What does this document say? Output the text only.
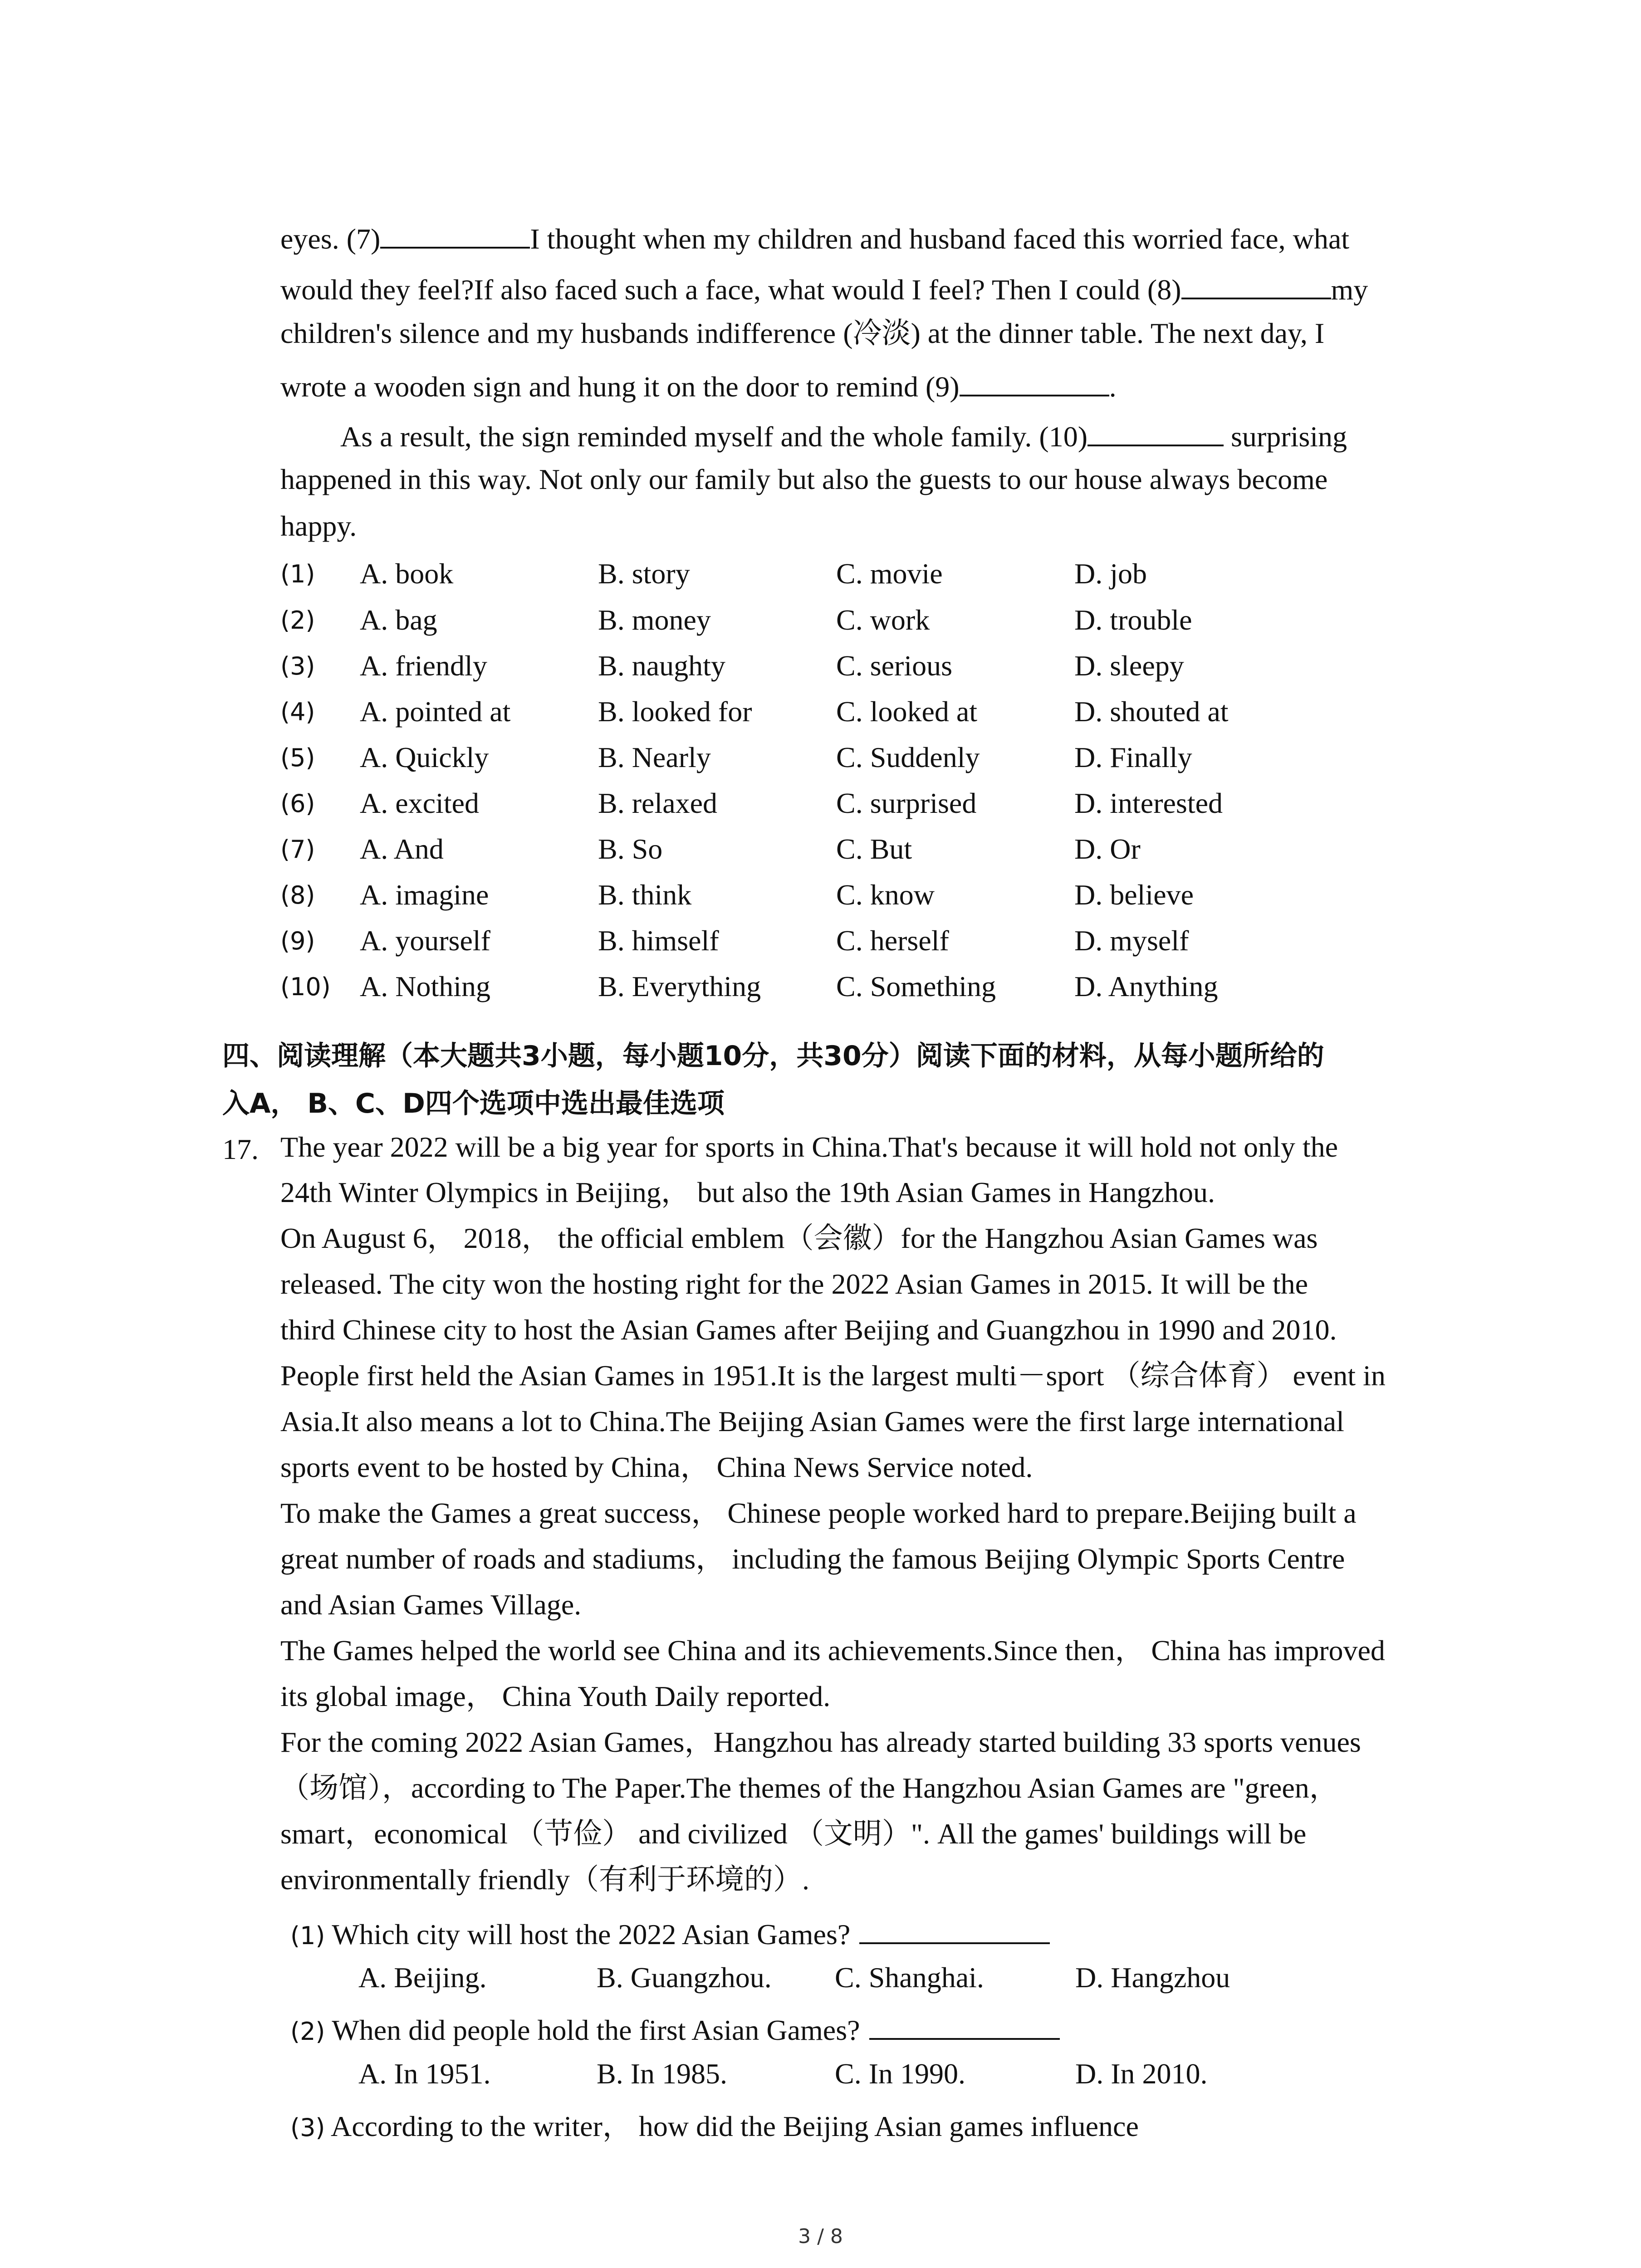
eyes. (7)	I thought when my children and husband faced this worried face, what
would they feel?If also faced such a face, what would I feel? Then I could (8)	my
children's silence and my husbands indifference (冷淡) at the dinner table. The next day, I
wrote a wooden sign and hung it on the door to remind (9)	.
As a result, the sign reminded myself and the whole family. (10)	surprising
happened in this way. Not only our family but also the guests to our house always become
happy.
(1) A. book	B. story	C. movie	D. job
(2) A. bag	B. money	C. work	D. trouble
(3) A. friendly	B. naughty	C. serious	D. sleepy
(4) A. pointed at	B. looked for	C. looked at	D. shouted at
(5) A. Quickly	B. Nearly	C. Suddenly	D. Finally
(6) A. excited	B. relaxed	C. surprised	D. interested
(7) A. And	B. So	C. But	D. Or
(8) A. imagine	B. think	C. know	D. believe
(9) A. yourself	B. himself	C. herself	D. myself
(10) A. Nothing	B. Everything	C. Something	D. Anything
四、阅读理解（本大题共3小题，每小题10分，共30分）阅读下面的材料，从每小题所给的
入A， B、C、D四个选项中选出最佳选项
17. The year 2022 will be a big year for sports in China.That's because it will hold not only the
24th Winter Olympics in Beijing， but also the 19th Asian Games in Hangzhou.
On August 6， 2018， the official emblem（会徽）for the Hangzhou Asian Games was
released. The city won the hosting right for the 2022 Asian Games in 2015. It will be the
third Chinese city to host the Asian Games after Beijing and Guangzhou in 1990 and 2010.
People first held the Asian Games in 1951.It is the largest multi－sport （综合体育） event in
Asia.It also means a lot to China.The Beijing Asian Games were the first large international
sports event to be hosted by China， China News Service noted.
To make the Games a great success， Chinese people worked hard to prepare.Beijing built a
great number of roads and stadiums， including the famous Beijing Olympic Sports Centre
and Asian Games Village.
The Games helped the world see China and its achievements.Since then， China has improved
its global image， China Youth Daily reported.
For the coming 2022 Asian Games，Hangzhou has already started building 33 sports venues
（场馆），according to The Paper.The themes of the Hangzhou Asian Games are "green，
smart，economical （节俭） and civilized （文明）". All the games' buildings will be
environmentally friendly（有利于环境的）.
(1) Which city will host the 2022 Asian Games?
A. Beijing.	B. Guangzhou. C. Shanghai.	D. Hangzhou
(2) When did people hold the first Asian Games?
A. In 1951.	B. In 1985.	C. In 1990.	D. In 2010.
(3) According to the writer， how did the Beijing Asian games influence
3 / 8
